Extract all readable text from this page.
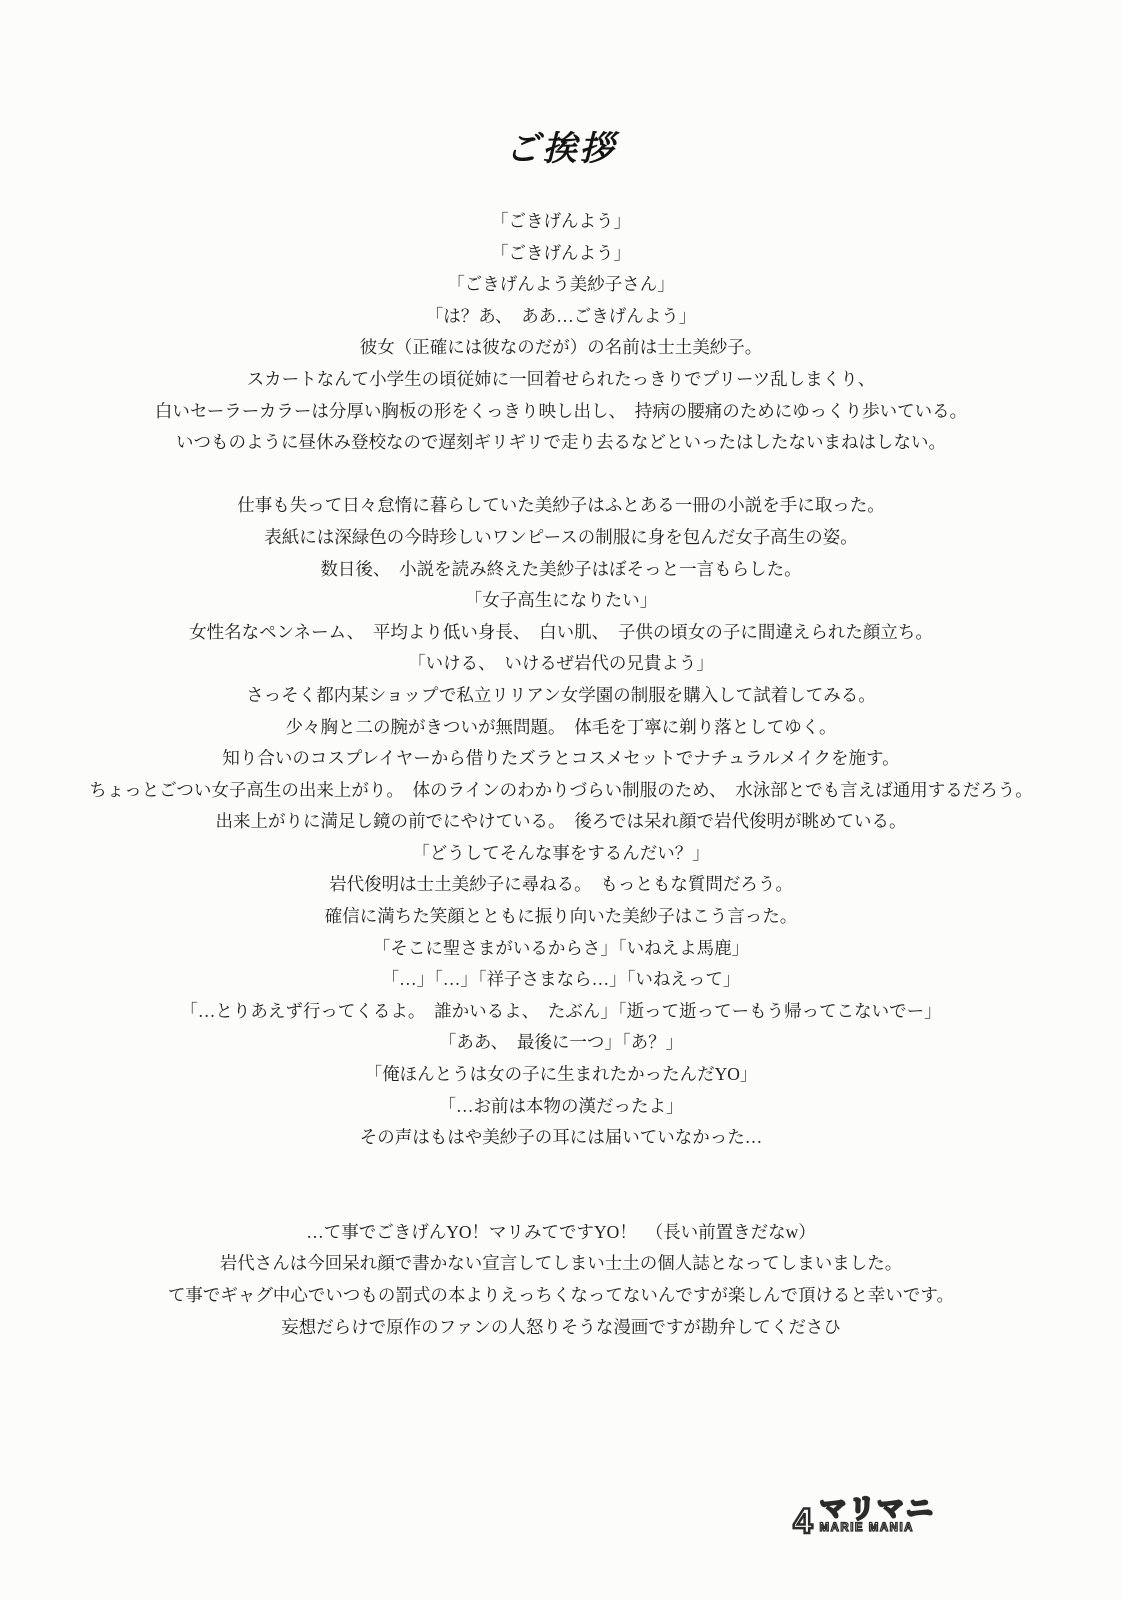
ご挨拶
「ごきげんよう」
「ごきげんよう」
「ごきげんよう美紗子さん」
「は？あ、　ああ…ごきげんよう」
彼女（正確には彼なのだが）の名前は士土美紗子。
スカートなんて小学生の頃従姉に一回着せられたっきりでプリーツ乱しまくり、
白いセーラーカラーは分厚い胸板の形をくっきり映し出し、　持病の腰痛のためにゆっくり歩いている。
いつものように昼休み登校なので遅刻ギリギリで走り去るなどといったはしたないまねはしない。
仕事も失って日々怠惰に暮らしていた美紗子はふとある一冊の小説を手に取った。
表紙には深緑色の今時珍しいワンピースの制服に身を包んだ女子高生の姿。
数日後、　小説を読み終えた美紗子はぼそっと一言もらした。
「女子高生になりたい」
女性名なペンネーム、　平均より低い身長、　白い肌、　子供の頃女の子に間違えられた顔立ち。
「いける、　いけるぜ岩代の兄貴よう」
さっそく都内某ショップで私立リリアン女学園の制服を購入して試着してみる。
少々胸と二の腕がきついが無問題。　体毛を丁寧に剃り落としてゆく。
知り合いのコスプレイヤーから借りたズラとコスメセットでナチュラルメイクを施す。
ちょっとごつい女子高生の出来上がり。　体のラインのわかりづらい制服のため、　水泳部とでも言えば通用するだろう。
出来上がりに満足し鏡の前でにやけている。　後ろでは呆れ顔で岩代俊明が眺めている。
「どうしてそんな事をするんだい？」
岩代俊明は士土美紗子に尋ねる。　もっともな質問だろう。
確信に満ちた笑顔とともに振り向いた美紗子はこう言った。
「そこに聖さまがいるからさ」「いねえよ馬鹿」
「…」「…」「祥子さまなら…」「いねえって」
「…とりあえず行ってくるよ。　誰かいるよ、　たぶん」「逝って逝ってーもう帰ってこないでー」
「ああ、　最後に一つ」「あ？」
「俺ほんとうは女の子に生まれたかったんだYO」
「…お前は本物の漢だったよ」
その声はもはや美紗子の耳には届いていなかった…
…て事でごきげんYO！マリみてですYO！　（長い前置きだなw）
岩代さんは今回呆れ顔で書かない宣言してしまい士土の個人誌となってしまいました。
て事でギャグ中心でいつもの罰式の本よりえっちくなってないんですが楽しんで頂けると幸いです。
妄想だらけで原作のファンの人怒りそうな漫画ですが勘弁してくださひ
4 マリマニ
MARIE MANIA
